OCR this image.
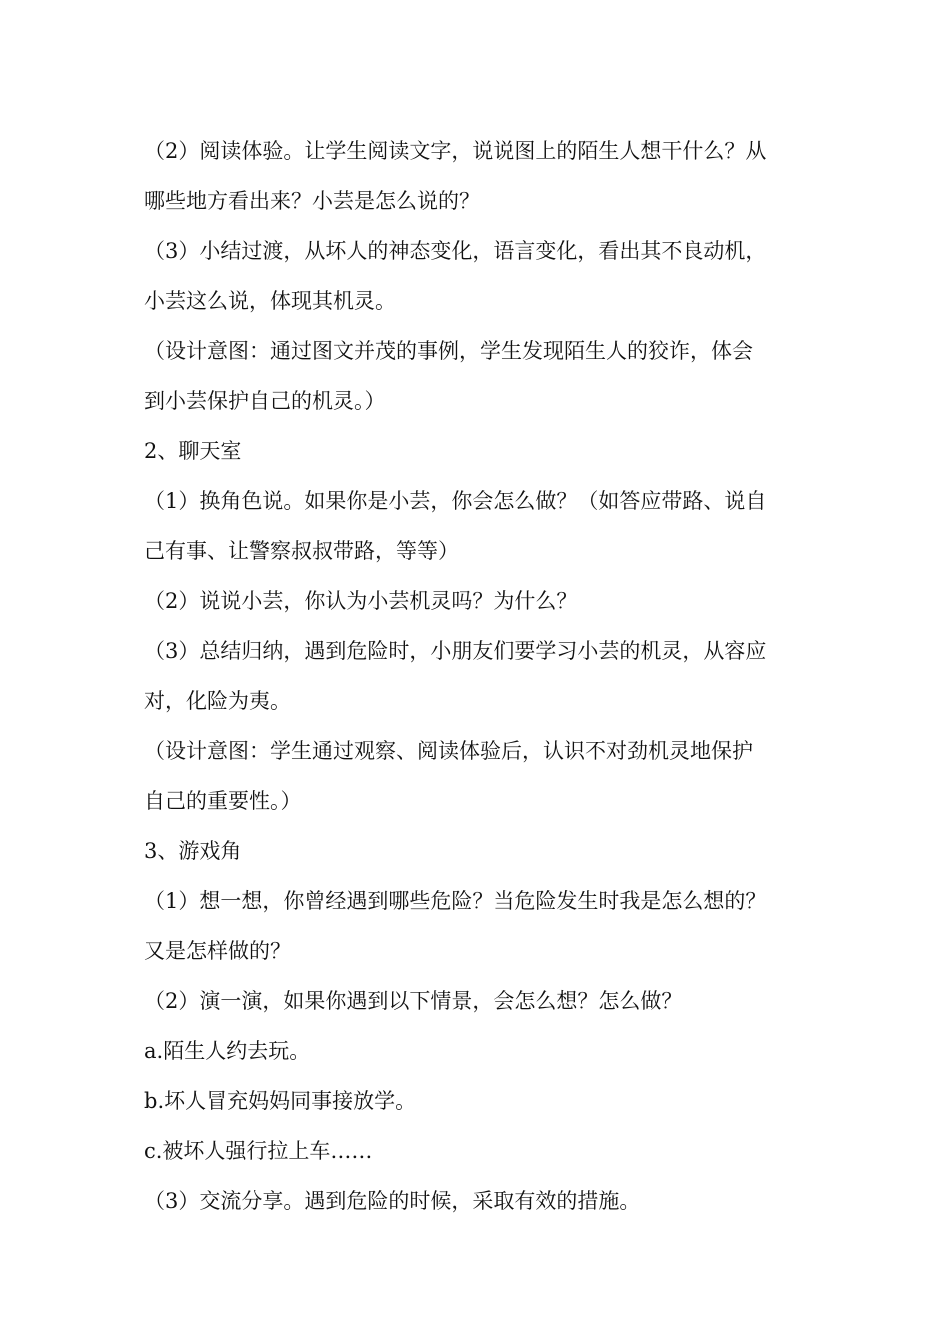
（2）阅读体验。让学生阅读文字，说说图上的陌生人想干什么？从
哪些地方看出来？小芸是怎么说的？
（3）小结过渡，从坏人的神态变化，语言变化，看出其不良动机，
小芸这么说，体现其机灵。
（设计意图：通过图文并茂的事例，学生发现陌生人的狡诈，体会
到小芸保护自己的机灵。）
2、聊天室
（1）换角色说。如果你是小芸，你会怎么做？（如答应带路、说自
己有事、让警察叔叔带路，等等）
（2）说说小芸，你认为小芸机灵吗？为什么？
（3）总结归纳，遇到危险时，小朋友们要学习小芸的机灵，从容应
对，化险为夷。
（设计意图：学生通过观察、阅读体验后，认识不对劲机灵地保护
自己的重要性。）
3、游戏角
（1）想一想，你曾经遇到哪些危险？当危险发生时我是怎么想的？
又是怎样做的？
（2）演一演，如果你遇到以下情景，会怎么想？怎么做？
a.陌生人约去玩。
b.坏人冒充妈妈同事接放学。
c.被坏人强行拉上车……
（3）交流分享。遇到危险的时候，采取有效的措施。
